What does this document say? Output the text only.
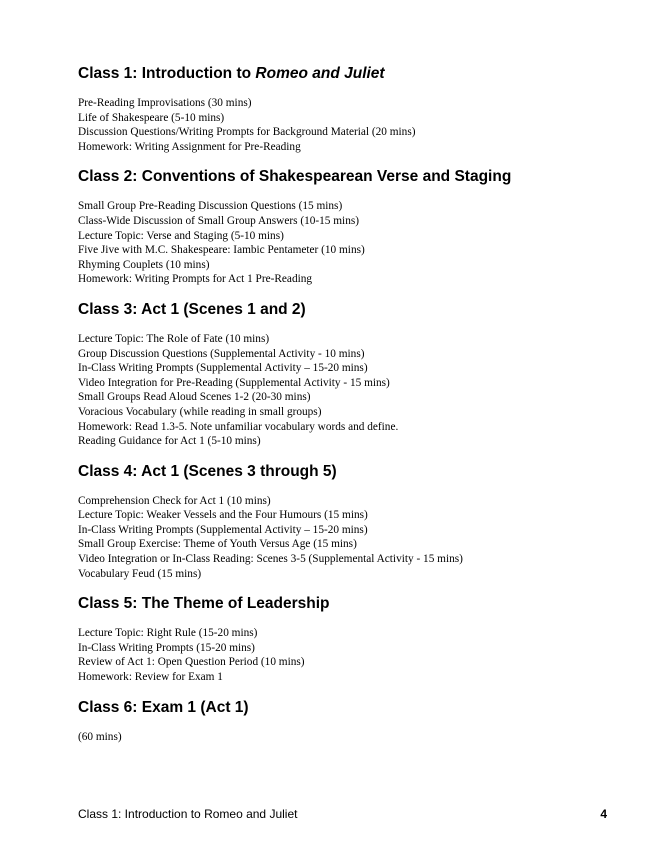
Class 1: Introduction to Romeo and Juliet
Pre-Reading Improvisations (30 mins)
Life of Shakespeare (5-10 mins)
Discussion Questions/Writing Prompts for Background Material (20 mins)
Homework: Writing Assignment for Pre-Reading
Class 2: Conventions of Shakespearean Verse and Staging
Small Group Pre-Reading Discussion Questions (15 mins)
Class-Wide Discussion of Small Group Answers (10-15 mins)
Lecture Topic: Verse and Staging (5-10 mins)
Five Jive with M.C. Shakespeare: Iambic Pentameter (10 mins)
Rhyming Couplets (10 mins)
Homework: Writing Prompts for Act 1 Pre-Reading
Class 3: Act 1 (Scenes 1 and 2)
Lecture Topic: The Role of Fate (10 mins)
Group Discussion Questions (Supplemental Activity - 10 mins)
In-Class Writing Prompts (Supplemental Activity – 15-20 mins)
Video Integration for Pre-Reading (Supplemental Activity - 15 mins)
Small Groups Read Aloud Scenes 1-2 (20-30 mins)
Voracious Vocabulary (while reading in small groups)
Homework: Read 1.3-5. Note unfamiliar vocabulary words and define.
Reading Guidance for Act 1 (5-10 mins)
Class 4: Act 1 (Scenes 3 through 5)
Comprehension Check for Act 1 (10 mins)
Lecture Topic: Weaker Vessels and the Four Humours (15 mins)
In-Class Writing Prompts (Supplemental Activity – 15-20 mins)
Small Group Exercise: Theme of Youth Versus Age (15 mins)
Video Integration or In-Class Reading: Scenes 3-5 (Supplemental Activity - 15 mins)
Vocabulary Feud (15 mins)
Class 5: The Theme of Leadership
Lecture Topic: Right Rule (15-20 mins)
In-Class Writing Prompts (15-20 mins)
Review of Act 1: Open Question Period (10 mins)
Homework: Review for Exam 1
Class 6: Exam 1 (Act 1)
(60 mins)
Class 1: Introduction to Romeo and Juliet	4
